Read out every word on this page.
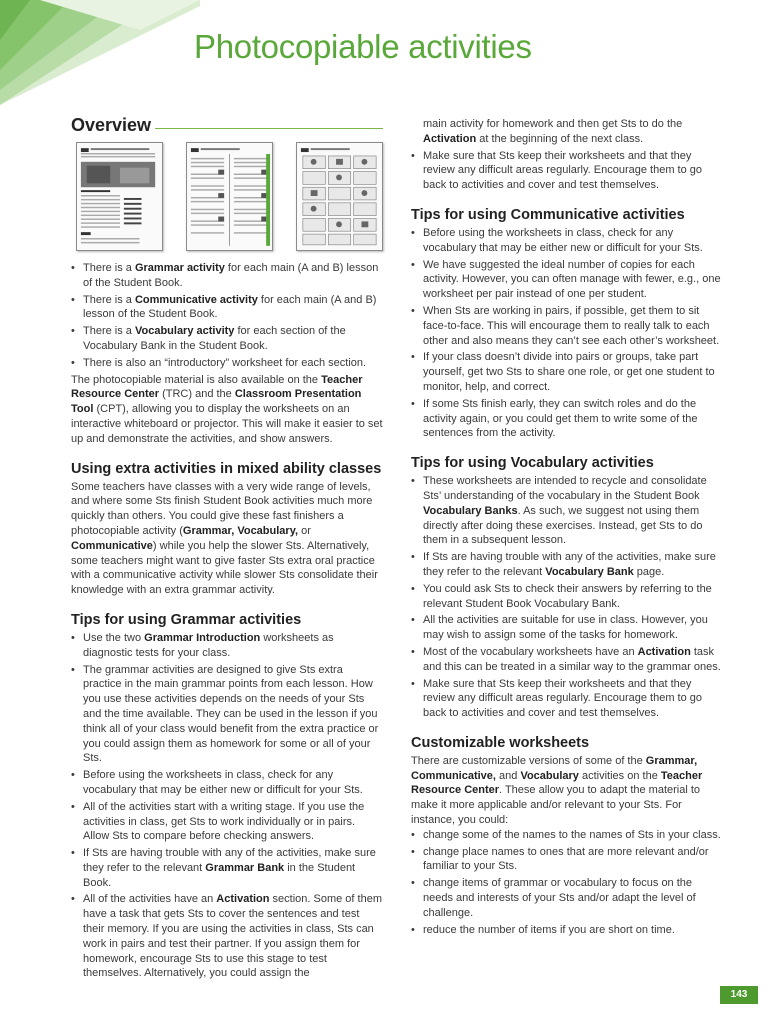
Photocopiable activities
Overview
• There is a Grammar activity for each main (A and B) lesson of the Student Book.
• There is a Communicative activity for each main (A and B) lesson of the Student Book.
• There is a Vocabulary activity for each section of the Vocabulary Bank in the Student Book.
• There is also an “introductory” worksheet for each section.

The photocopiable material is also available on the Teacher Resource Center (TRC) and the Classroom Presentation Tool (CPT), allowing you to display the worksheets on an interactive whiteboard or projector. This will make it easier to set up and demonstrate the activities, and show answers.

Using extra activities in mixed ability classes

Some teachers have classes with a very wide range of levels, and where some Sts finish Student Book activities much more quickly than others. You could give these fast finishers a photocopiable activity (Grammar, Vocabulary, or Communicative) while you help the slower Sts. Alternatively, some teachers might want to give faster Sts extra oral practice with a communicative activity while slower Sts consolidate their knowledge with an extra grammar activity.

Tips for using Grammar activities
• Use the two Grammar Introduction worksheets as diagnostic tests for your class.
• The grammar activities are designed to give Sts extra practice in the main grammar points from each lesson. How you use these activities depends on the needs of your Sts and the time available. They can be used in the lesson if you think all of your class would benefit from the extra practice or you could assign them as homework for some or all of your Sts.
• Before using the worksheets in class, check for any vocabulary that may be either new or difficult for your Sts.
• All of the activities start with a writing stage. If you use the activities in class, get Sts to work individually or in pairs. Allow Sts to compare before checking answers.
• If Sts are having trouble with any of the activities, make sure they refer to the relevant Grammar Bank in the Student Book.
• All of the activities have an Activation section. Some of them have a task that gets Sts to cover the sentences and test their memory. If you are using the activities in class, Sts can work in pairs and test their partner. If you assign them for homework, encourage Sts to use this stage to test themselves. Alternatively, you could assign the
main activity for homework and then get Sts to do the Activation at the beginning of the next class.
• Make sure that Sts keep their worksheets and that they review any difficult areas regularly. Encourage them to go back to activities and cover and test themselves.
Tips for using Communicative activities
• Before using the worksheets in class, check for any vocabulary that may be either new or difficult for your Sts.
• We have suggested the ideal number of copies for each activity. However, you can often manage with fewer, e.g., one worksheet per pair instead of one per student.
• When Sts are working in pairs, if possible, get them to sit face-to-face. This will encourage them to really talk to each other and also means they can’t see each other’s worksheet.
• If your class doesn’t divide into pairs or groups, take part yourself, get two Sts to share one role, or get one student to monitor, help, and correct.
• If some Sts finish early, they can switch roles and do the activity again, or you could get them to write some of the sentences from the activity.
Tips for using Vocabulary activities
• These worksheets are intended to recycle and consolidate Sts’ understanding of the vocabulary in the Student Book Vocabulary Banks. As such, we suggest not using them directly after doing these exercises. Instead, get Sts to do them in a subsequent lesson.
• If Sts are having trouble with any of the activities, make sure they refer to the relevant Vocabulary Bank page.
• You could ask Sts to check their answers by referring to the relevant Student Book Vocabulary Bank.
• All the activities are suitable for use in class. However, you may wish to assign some of the tasks for homework.
• Most of the vocabulary worksheets have an Activation task and this can be treated in a similar way to the grammar ones.
• Make sure that Sts keep their worksheets and that they review any difficult areas regularly. Encourage them to go back to activities and cover and test themselves.
Customizable worksheets

There are customizable versions of some of the Grammar, Communicative, and Vocabulary activities on the Teacher Resource Center. These allow you to adapt the material to make it more applicable and/or relevant to your Sts. For instance, you could:

• change some of the names to the names of Sts in your class.
• change place names to ones that are more relevant and/or familiar to your Sts.
• change items of grammar or vocabulary to focus on the needs and interests of your Sts and/or adapt the level of challenge.
• reduce the number of items if you are short on time.
143
